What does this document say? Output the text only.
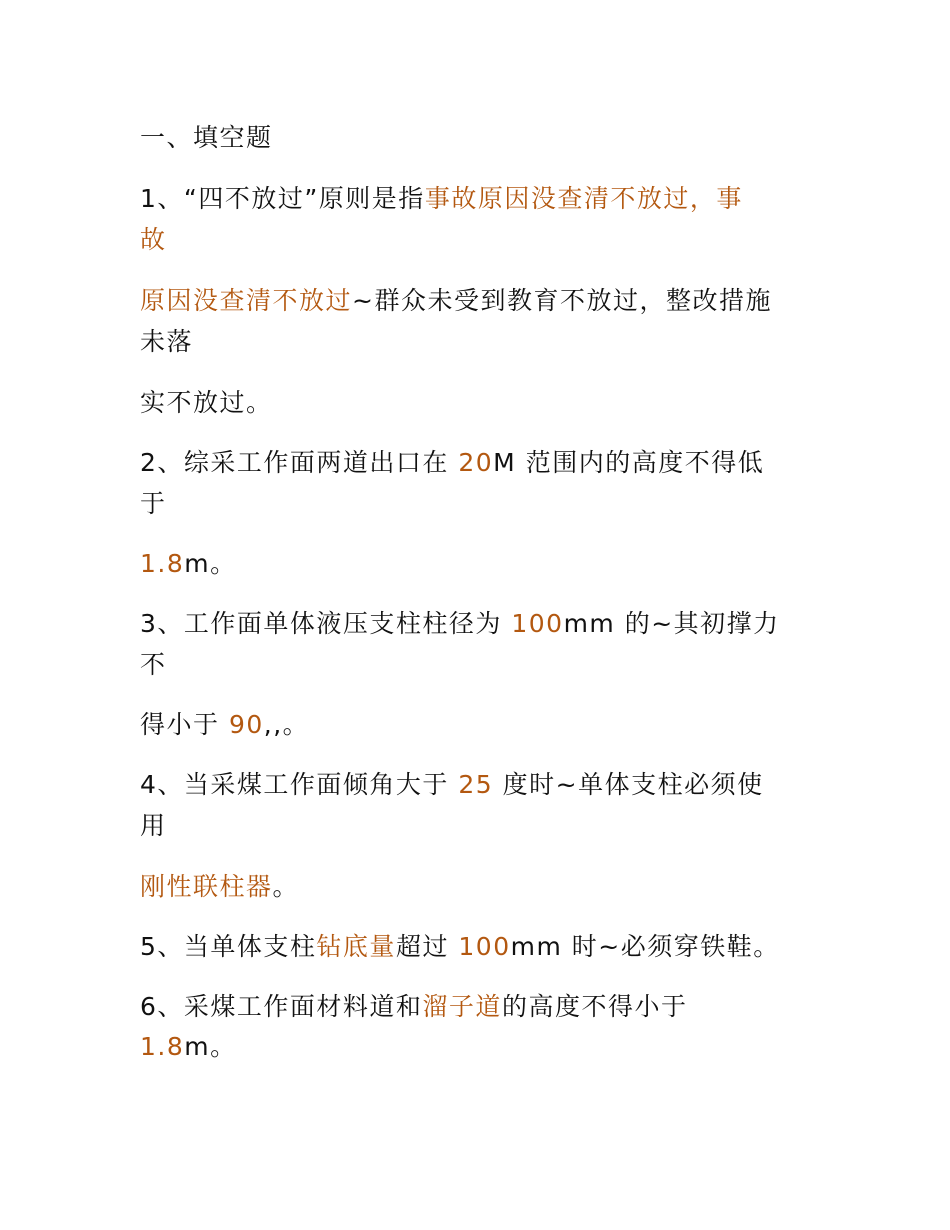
一、填空题
1、“四不放过”原则是指事故原因没查清不放过，事
故
原因没查清不放过~群众未受到教育不放过，整改措施
未落
实不放过。
2、综采工作面两道出口在 20M 范围内的高度不得低
于
1.8m。
3、工作面单体液压支柱柱径为 100mm 的~其初撑力
不
得小于 90,,。
4、当采煤工作面倾角大于 25 度时~单体支柱必须使
用
刚性联柱器。
5、当单体支柱钻底量超过 100mm 时~必须穿铁鞋。
6、采煤工作面材料道和溜子道的高度不得小于
1.8m。
